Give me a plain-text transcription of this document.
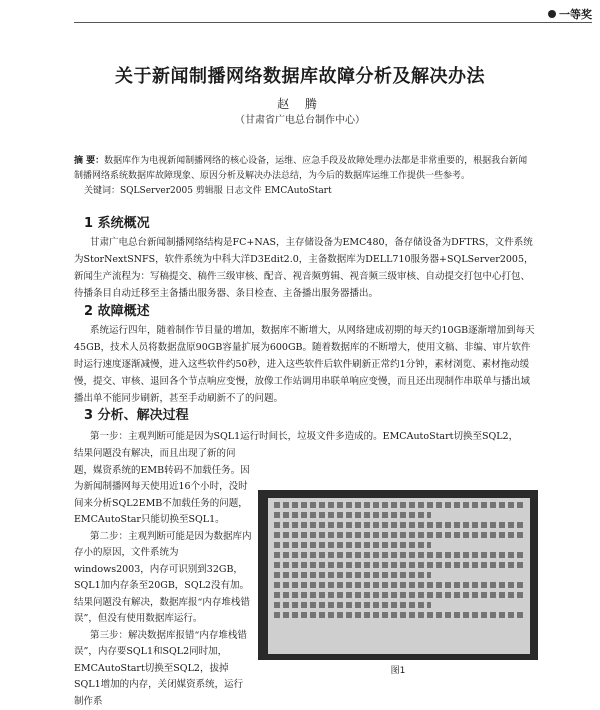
一等奖
关于新闻制播网络数据库故障分析及解决办法
赵 腾
（甘肃省广电总台制作中心）
摘 要：数据库作为电视新闻制播网络的核心设备，运维、应急手段及故障处理办法都是非常重要的，根据我台新闻制播网络系统数据库故障现象、原因分析及解决办法总结，为今后的数据库运维工作提供一些参考。
关键词：SQLServer2005 剪辑服 日志文件 EMCAutoStart
1 系统概况

甘肃广电总台新闻制播网络结构是FC+NAS，主存储设备为EMC480，备存储设备为DFTRS，文件系统为StorNextSNFS，软件系统为中科大洋D3Edit2.0，主备数据库为DELL710服务器+SQLServer2005，新闻生产流程为：写稿提交、稿件三级审核、配音、视音频剪辑、视音频三级审核、自动提交打包中心打包、待播条目自动迁移至主备播出服务器、条目检查、主备播出服务器播出。

2 故障概述

系统运行四年，随着制作节目量的增加，数据库不断增大，从网络建成初期的每天约10GB逐渐增加到每天45GB，技术人员将数据盘原90GB容量扩展为600GB。随着数据库的不断增大，使用文稿、非编、审片软件时运行速度逐渐减慢，进入这些软件约50秒，进入这些软件后软件刷新正常约1分钟，素材浏览、素材拖动缓慢，提交、审核、退回各个节点响应变慢，放像工作站调用串联单响应变慢，而且还出现制作串联单与播出域播出单不能同步刷新，甚至手动刷新不了的问题。

3 分析、解决过程

第一步：主观判断可能是因为SQL1运行时间长，垃圾文件多造成的。EMCAutoStart切换至SQL2，

结果问题没有解决，而且出现了新的问题，媒资系统的EMB转码不加载任务。因为新闻制播网每天使用近16个小时，没时间来分析SQL2EMB不加载任务的问题，EMCAutoStar只能切换至SQL1。

第二步：主观判断可能是因为数据库内存小的原因，文件系统为windows2003，内存可识别到32GB，SQL1加内存条至20GB，SQL2没有加。结果问题没有解决，数据库报“内存堆栈错误”，但没有使用数据库运行。

第三步：解决数据库报错“内存堆栈错误”，内存要SQL1和SQL2同时加，EMCAutoStart切换至SQL2，拔掉SQL1增加的内存，关闭媒资系统，运行制作系

图1
